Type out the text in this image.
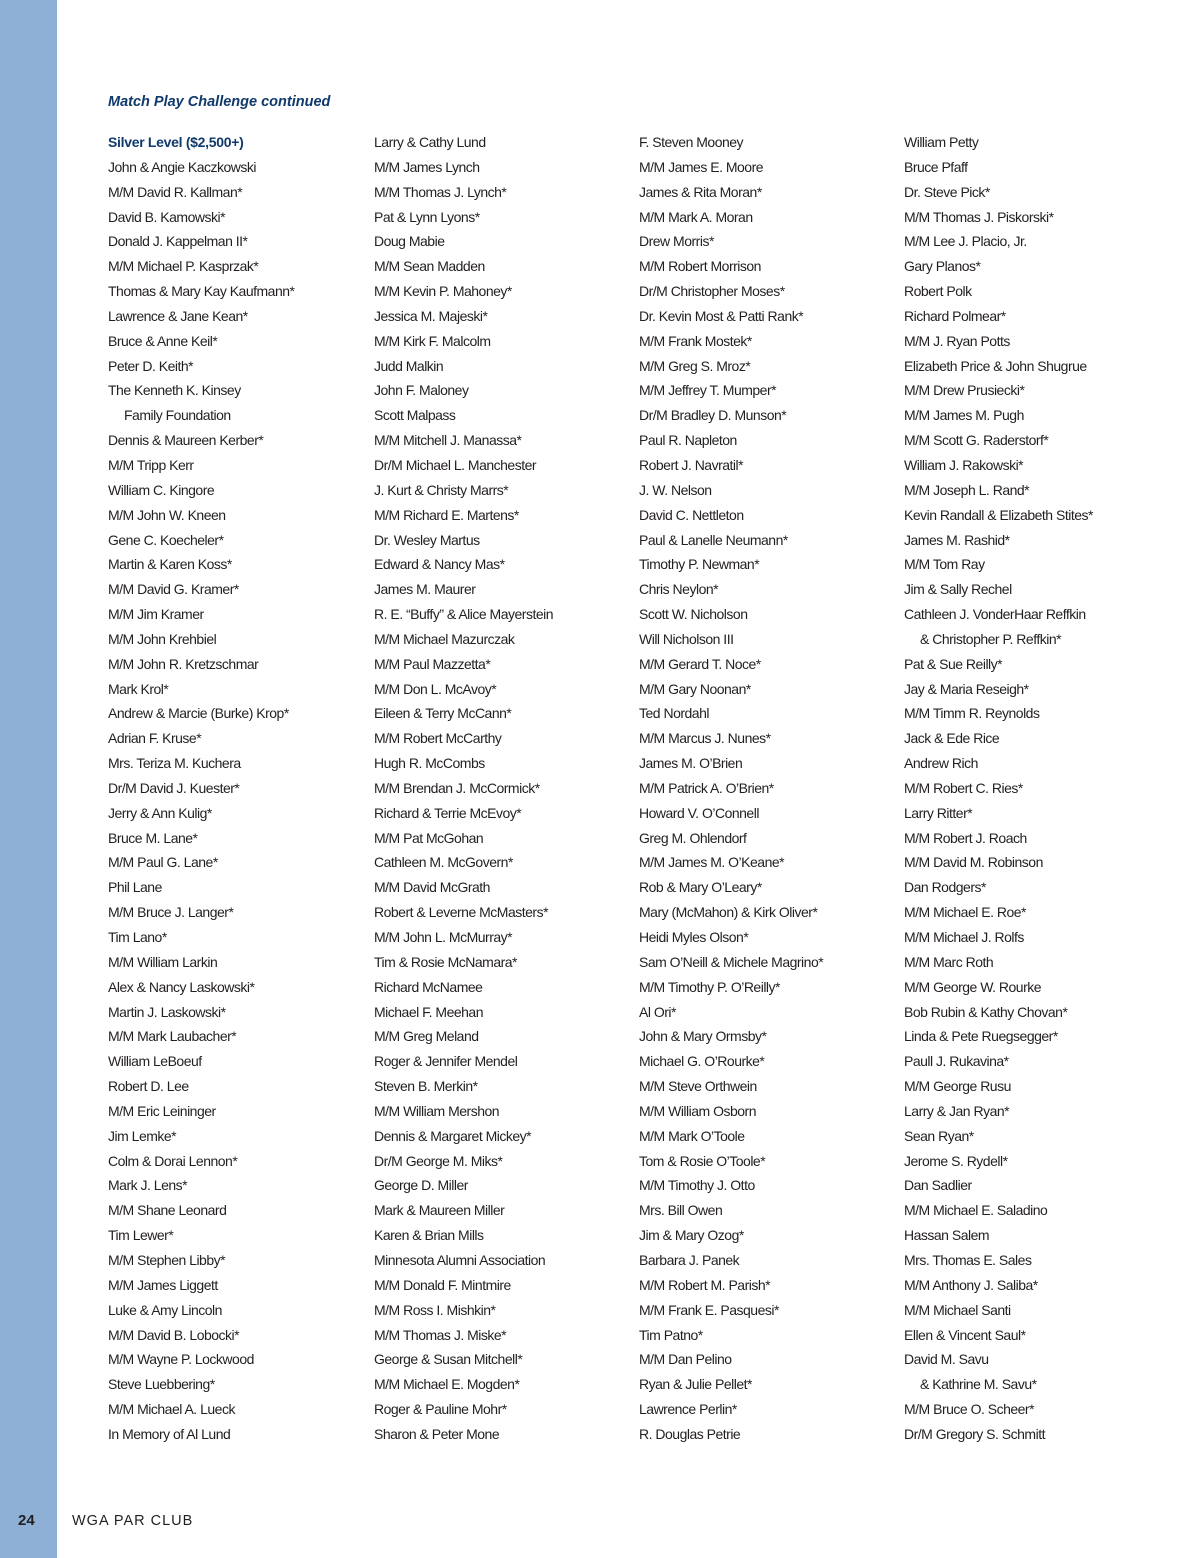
Match Play Challenge continued
Silver Level ($2,500+)
John & Angie Kaczkowski
M/M David R. Kallman*
David B. Kamowski*
Donald J. Kappelman II*
M/M Michael P. Kasprzak*
Thomas & Mary Kay Kaufmann*
Lawrence & Jane Kean*
Bruce & Anne Keil*
Peter D. Keith*
The Kenneth K. Kinsey
Family Foundation
Dennis & Maureen Kerber*
M/M Tripp Kerr
William C. Kingore
M/M John W. Kneen
Gene C. Koecheler*
Martin & Karen Koss*
M/M David G. Kramer*
M/M Jim Kramer
M/M John Krehbiel
M/M John R. Kretzschmar
Mark Krol*
Andrew & Marcie (Burke) Krop*
Adrian F. Kruse*
Mrs. Teriza M. Kuchera
Dr/M David J. Kuester*
Jerry & Ann Kulig*
Bruce M. Lane*
M/M Paul G. Lane*
Phil Lane
M/M Bruce J. Langer*
Tim Lano*
M/M William Larkin
Alex & Nancy Laskowski*
Martin J. Laskowski*
M/M Mark Laubacher*
William LeBoeuf
Robert D. Lee
M/M Eric Leininger
Jim Lemke*
Colm & Dorai Lennon*
Mark J. Lens*
M/M Shane Leonard
Tim Lewer*
M/M Stephen Libby*
M/M James Liggett
Luke & Amy Lincoln
M/M David B. Lobocki*
M/M Wayne P. Lockwood
Steve Luebbering*
M/M Michael A. Lueck
In Memory of Al Lund
Larry & Cathy Lund
M/M James Lynch
M/M Thomas J. Lynch*
Pat & Lynn Lyons*
Doug Mabie
M/M Sean Madden
M/M Kevin P. Mahoney*
Jessica M. Majeski*
M/M Kirk F. Malcolm
Judd Malkin
John F. Maloney
Scott Malpass
M/M Mitchell J. Manassa*
Dr/M Michael L. Manchester
J. Kurt & Christy Marrs*
M/M Richard E. Martens*
Dr. Wesley Martus
Edward & Nancy Mas*
James M. Maurer
R. E. “Buffy” & Alice Mayerstein
M/M Michael Mazurczak
M/M Paul Mazzetta*
M/M Don L. McAvoy*
Eileen & Terry McCann*
M/M Robert McCarthy
Hugh R. McCombs
M/M Brendan J. McCormick*
Richard & Terrie McEvoy*
M/M Pat McGohan
Cathleen M. McGovern*
M/M David McGrath
Robert & Leverne McMasters*
M/M John L. McMurray*
Tim & Rosie McNamara*
Richard McNamee
Michael F. Meehan
M/M Greg Meland
Roger & Jennifer Mendel
Steven B. Merkin*
M/M William Mershon
Dennis & Margaret Mickey*
Dr/M George M. Miks*
George D. Miller
Mark & Maureen Miller
Karen & Brian Mills
Minnesota Alumni Association
M/M Donald F. Mintmire
M/M Ross I. Mishkin*
M/M Thomas J. Miske*
George & Susan Mitchell*
M/M Michael E. Mogden*
Roger & Pauline Mohr*
Sharon & Peter Mone
F. Steven Mooney
M/M James E. Moore
James & Rita Moran*
M/M Mark A. Moran
Drew Morris*
M/M Robert Morrison
Dr/M Christopher Moses*
Dr. Kevin Most & Patti Rank*
M/M Frank Mostek*
M/M Greg S. Mroz*
M/M Jeffrey T. Mumper*
Dr/M Bradley D. Munson*
Paul R. Napleton
Robert J. Navratil*
J. W. Nelson
David C. Nettleton
Paul & Lanelle Neumann*
Timothy P. Newman*
Chris Neylon*
Scott W. Nicholson
Will Nicholson III
M/M Gerard T. Noce*
M/M Gary Noonan*
Ted Nordahl
M/M Marcus J. Nunes*
James M. O’Brien
M/M Patrick A. O’Brien*
Howard V. O’Connell
Greg M. Ohlendorf
M/M James M. O’Keane*
Rob & Mary O’Leary*
Mary (McMahon) & Kirk Oliver*
Heidi Myles Olson*
Sam O’Neill & Michele Magrino*
M/M Timothy P. O’Reilly*
Al Ori*
John & Mary Ormsby*
Michael G. O’Rourke*
M/M Steve Orthwein
M/M William Osborn
M/M Mark O’Toole
Tom & Rosie O’Toole*
M/M Timothy J. Otto
Mrs. Bill Owen
Jim & Mary Ozog*
Barbara J. Panek
M/M Robert M. Parish*
M/M Frank E. Pasquesi*
Tim Patno*
M/M Dan Pelino
Ryan & Julie Pellet*
Lawrence Perlin*
R. Douglas Petrie
William Petty
Bruce Pfaff
Dr. Steve Pick*
M/M Thomas J. Piskorski*
M/M Lee J. Placio, Jr.
Gary Planos*
Robert Polk
Richard Polmear*
M/M J. Ryan Potts
Elizabeth Price & John Shugrue
M/M Drew Prusiecki*
M/M James M. Pugh
M/M Scott G. Raderstorf*
William J. Rakowski*
M/M Joseph L. Rand*
Kevin Randall & Elizabeth Stites*
James M. Rashid*
M/M Tom Ray
Jim & Sally Rechel
Cathleen J. VonderHaar Reffkin
& Christopher P. Reffkin*
Pat & Sue Reilly*
Jay & Maria Reseigh*
M/M Timm R. Reynolds
Jack & Ede Rice
Andrew Rich
M/M Robert C. Ries*
Larry Ritter*
M/M Robert J. Roach
M/M David M. Robinson
Dan Rodgers*
M/M Michael E. Roe*
M/M Michael J. Rolfs
M/M Marc Roth
M/M George W. Rourke
Bob Rubin & Kathy Chovan*
Linda & Pete Ruegsegger*
Paull J. Rukavina*
M/M George Rusu
Larry & Jan Ryan*
Sean Ryan*
Jerome S. Rydell*
Dan Sadlier
M/M Michael E. Saladino
Hassan Salem
Mrs. Thomas E. Sales
M/M Anthony J. Saliba*
M/M Michael Santi
Ellen & Vincent Saul*
David M. Savu
& Kathrine M. Savu*
M/M Bruce O. Scheer*
Dr/M Gregory S. Schmitt
24	WGA PAR CLUB
